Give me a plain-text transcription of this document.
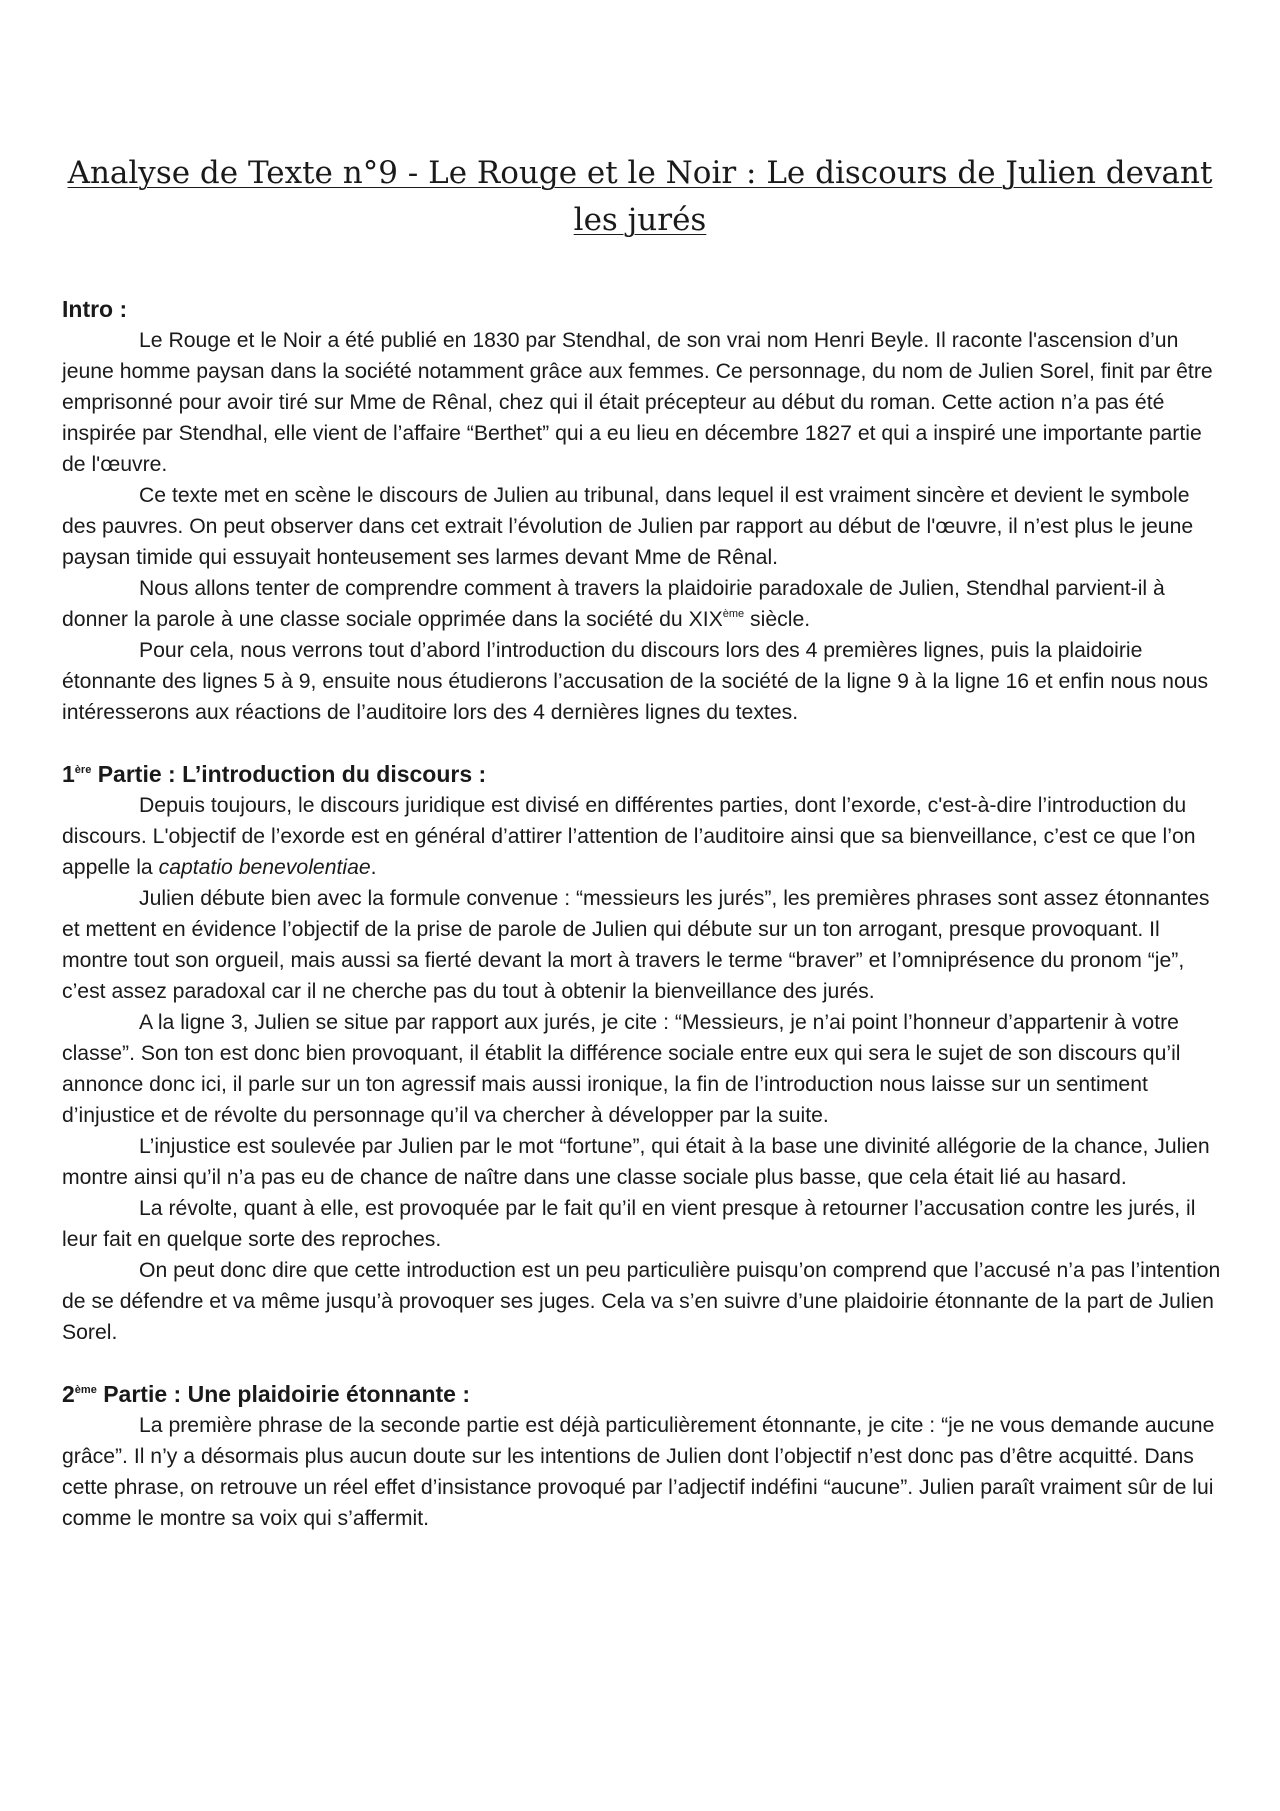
Analyse de Texte n°9 - Le Rouge et le Noir : Le discours de Julien devant les jurés

Intro :

Le Rouge et le Noir a été publié en 1830 par Stendhal, de son vrai nom Henri Beyle. Il raconte l'ascension d’un jeune homme paysan dans la société notamment grâce aux femmes. Ce personnage, du nom de Julien Sorel, finit par être emprisonné pour avoir tiré sur Mme de Rênal, chez qui il était précepteur au début du roman. Cette action n’a pas été inspirée par Stendhal, elle vient de l’affaire “Berthet” qui a eu lieu en décembre 1827 et qui a inspiré une importante partie de l'œuvre.

Ce texte met en scène le discours de Julien au tribunal, dans lequel il est vraiment sincère et devient le symbole des pauvres. On peut observer dans cet extrait l’évolution de Julien par rapport au début de l'œuvre, il n’est plus le jeune paysan timide qui essuyait honteusement ses larmes devant Mme de Rênal.

Nous allons tenter de comprendre comment à travers la plaidoirie paradoxale de Julien, Stendhal parvient-il à donner la parole à une classe sociale opprimée dans la société du XIXème siècle.

Pour cela, nous verrons tout d’abord l’introduction du discours lors des 4 premières lignes, puis la plaidoirie étonnante des lignes 5 à 9, ensuite nous étudierons l’accusation de la société de la ligne 9 à la ligne 16 et enfin nous nous intéresserons aux réactions de l’auditoire lors des 4 dernières lignes du textes.

1ère Partie : L’introduction du discours :

Depuis toujours, le discours juridique est divisé en différentes parties, dont l’exorde, c'est-à-dire l’introduction du discours. L'objectif de l’exorde est en général d’attirer l’attention de l’auditoire ainsi que sa bienveillance, c’est ce que l’on appelle la captatio benevolentiae.

Julien débute bien avec la formule convenue : “messieurs les jurés”, les premières phrases sont assez étonnantes et mettent en évidence l’objectif de la prise de parole de Julien qui débute sur un ton arrogant, presque provoquant. Il montre tout son orgueil, mais aussi sa fierté devant la mort à travers le terme “braver” et l’omniprésence du pronom “je”, c’est assez paradoxal car il ne cherche pas du tout à obtenir la bienveillance des jurés.

A la ligne 3, Julien se situe par rapport aux jurés, je cite : “Messieurs, je n’ai point l’honneur d’appartenir à votre classe”. Son ton est donc bien provoquant, il établit la différence sociale entre eux qui sera le sujet de son discours qu’il annonce donc ici, il parle sur un ton agressif mais aussi ironique, la fin de l’introduction nous laisse sur un sentiment d’injustice et de révolte du personnage qu’il va chercher à développer par la suite.

L’injustice est soulevée par Julien par le mot “fortune”, qui était à la base une divinité allégorie de la chance, Julien montre ainsi qu’il n’a pas eu de chance de naître dans une classe sociale plus basse, que cela était lié au hasard.

La révolte, quant à elle, est provoquée par le fait qu’il en vient presque à retourner l’accusation contre les jurés, il leur fait en quelque sorte des reproches.

On peut donc dire que cette introduction est un peu particulière puisqu’on comprend que l’accusé n’a pas l’intention de se défendre et va même jusqu’à provoquer ses juges. Cela va s’en suivre d’une plaidoirie étonnante de la part de Julien Sorel.

2ème Partie : Une plaidoirie étonnante :

La première phrase de la seconde partie est déjà particulièrement étonnante, je cite : “je ne vous demande aucune grâce”. Il n’y a désormais plus aucun doute sur les intentions de Julien dont l’objectif n’est donc pas d’être acquitté. Dans cette phrase, on retrouve un réel effet d’insistance provoqué par l’adjectif indéfini “aucune”. Julien paraît vraiment sûr de lui comme le montre sa voix qui s’affermit.
